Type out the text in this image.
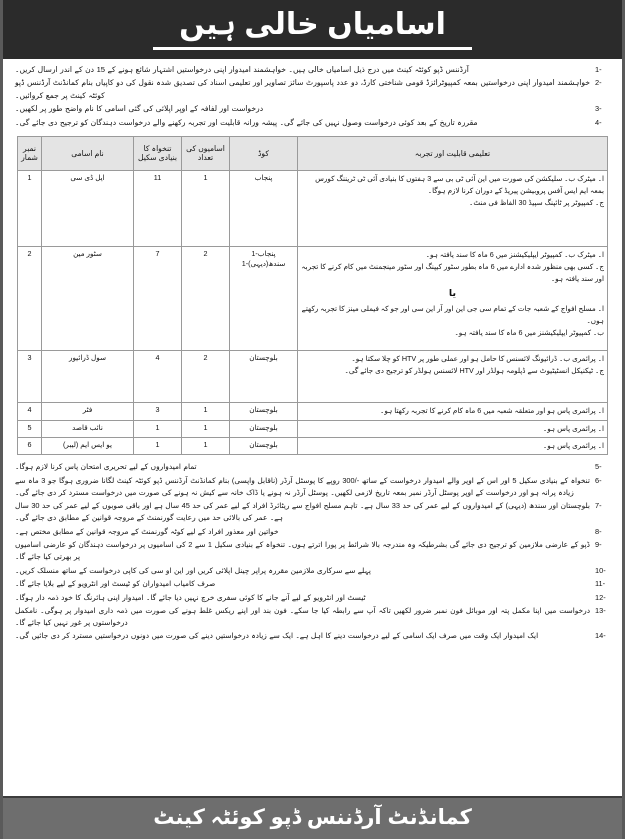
اسامیاں خالی ہیں
1-
آرڈننس ڈپو کوئٹہ کینٹ میں درج ذیل اسامیاں خالی ہیں۔ خواہشمند امیدوار اپنی درخواستیں اشتہار شائع ہونے کے 15 دن کے اندر ارسال کریں۔
2-
خواہشمند امیدوار اپنی درخواستیں بمعہ کمپیوٹرائزڈ قومی شناختی کارڈ، دو عدد پاسپورٹ سائز تصاویر اور تعلیمی اسناد کی تصدیق شدہ نقول کی دو کاپیاں بنام کمانڈنٹ آرڈننس ڈپو کوئٹہ کینٹ پر جمع کروائیں۔
3-
درخواست اور لفافہ کے اوپر اپلائی کی گئی اسامی کا نام واضح طور پر لکھیں۔
4-
مقررہ تاریخ کے بعد کوئی درخواست وصول نہیں کی جائے گی۔ پیشہ ورانہ قابلیت اور تجربہ رکھنے والے درخواست دہندگان کو ترجیح دی جائے گی۔
تعلیمی قابلیت اور تجربہ	کوڈ	اسامیوں کی تعداد	تنخواہ کا بنیادی سکیل	نام اسامی	نمبر شمار

ا۔ میٹرک ب۔ سلیکشن کی صورت میں این آئی ٹی بی سے 3 ہفتوں کا بنیادی آئی ٹی ٹریننگ کورس
بمعہ ایم ایس آفس پروبیشن پیریڈ کے دوران کرنا لازم ہوگا۔
ج۔ کمپیوٹر پر ٹائپنگ سپیڈ 30 الفاظ فی منٹ۔	پنجاب	1	11	ایل ڈی سی	1

ا۔ میٹرک ب۔ کمپیوٹر ایپلیکیشنز میں 6 ماہ کا سند یافتہ ہو۔
ج۔ کسی بھی منظور شدہ ادارے میں 6 ماہ بطور سٹور کیپنگ اور سٹور مینجمنٹ میں کام کرنے کا تجربہ اور سند یافتہ ہو۔
یا
ا۔ مسلح افواج کے شعبہ جات کے تمام سی جی این اور آر این سی اور جو کہ فیملی مینز کا تجربہ رکھتے ہوں۔
ب۔ کمپیوٹر ایپلیکیشنز میں 6 ماہ کا سند یافتہ ہو۔

پنجاب-1
سندھ(دیہی)-1
	2	7	سٹور مین	2

ا۔ پرائمری ب۔ ڈرائیونگ لائسنس کا حامل ہو اور عملی طور پر HTV کو چلا سکتا ہو۔
ج۔ ٹیکنیکل انسٹیٹیوٹ سے ڈپلومہ ہولڈر اور HTV لائسنس ہولڈر کو ترجیح دی جائے گی۔	بلوچستان	2	4	سول ڈرائیور	3

ا۔ پرائمری پاس ہو اور متعلقہ شعبہ میں 6 ماہ کام کرنے کا تجربہ رکھتا ہو۔	بلوچستان	1	3	فٹر	4

ا۔ پرائمری پاس ہو۔	بلوچستان	1	1	نائب قاصد	5

ا۔ پرائمری پاس ہو۔	بلوچستان	1	1	یو ایس ایم (لیبر)	6
5-
تمام امیدواروں کے لیے تحریری امتحان پاس کرنا لازم ہوگا۔
6-
تنخواہ کے بنیادی سکیل 5 اور اس کے اوپر والے امیدوار درخواست کے ساتھ -/300 روپے کا پوسٹل آرڈر (ناقابل واپسی) بنام کمانڈنٹ آرڈننس ڈپو کوئٹہ کینٹ لگانا ضروری ہوگا جو 3 ماہ سے زیادہ پرانہ ہو اور درخواست کے اوپر پوسٹل آرڈر نمبر بمعہ تاریخ لازمی لکھیں۔ پوسٹل آرڈر نہ ہونے یا ڈاک خانہ سے کیش نہ ہونے کی صورت میں درخواست مسترد کر دی جائے گی۔
7-
بلوچستان اور سندھ (دیہی) کے امیدواروں کے لیے عمر کی حد 33 سال ہے۔ تاہم مسلح افواج سے ریٹائرڈ افراد کے لیے عمر کی حد 45 سال ہے اور باقی صوبوں کے لیے عمر کی حد 30 سال ہے۔ عمر کی بالائی حد میں رعایت گورنمنٹ کے مروجہ قوانین کے مطابق دی جائے گی۔
8-
خواتین اور معذور افراد کے لیے کوٹہ گورنمنٹ کے مروجہ قوانین کے مطابق مختص ہے۔
9-
ڈپو کے عارضی ملازمین کو ترجیح دی جائے گی بشرطیکہ وہ مندرجہ بالا شرائط پر پورا اترتے ہوں۔ تنخواہ کے بنیادی سکیل 1 سے 2 کی اسامیوں پر درخواست دہندگان کو عارضی اسامیوں پر بھرتی کیا جائے گا۔
10-
پہلے سے سرکاری ملازمین مقررہ پراپر چینل اپلائی کریں اور این او سی کی کاپی درخواست کے ساتھ منسلک کریں۔
11-
صرف کامیاب امیدواران کو ٹیسٹ اور انٹرویو کے لیے بلایا جائے گا۔
12-
ٹیسٹ اور انٹرویو کے لیے آنے جانے کا کوئی سفری خرچ نہیں دیا جائے گا۔ امیدوار اپنی ہائرنگ کا خود ذمہ دار ہوگا۔
13-
درخواست میں اپنا مکمل پتہ اور موبائل فون نمبر ضرور لکھیں تاکہ آپ سے رابطہ کیا جا سکے۔ فون بند اور اپنے ریکس غلط ہونے کی صورت میں ذمہ داری امیدوار پر ہوگی۔ نامکمل درخواستوں پر غور نہیں کیا جائے گا۔
14-
ایک امیدوار ایک وقت میں صرف ایک اسامی کے لیے درخواست دینے کا اہل ہے۔ ایک سے زیادہ درخواستیں دینے کی صورت میں دونوں درخواستیں مسترد کر دی جائیں گی۔
کمانڈنٹ آرڈننس ڈپو کوئٹہ کینٹ
